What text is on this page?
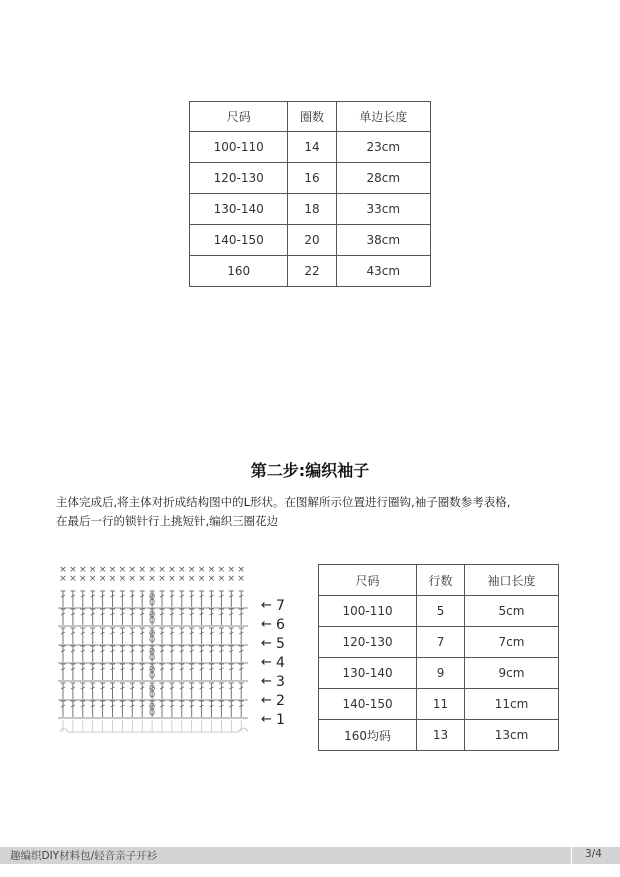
尺码	圈数	单边长度
100-110	14	23cm
120-130	16	28cm
130-140	18	33cm
140-150	20	38cm
160	22	43cm
第二步:编织袖子
主体完成后,将主体对折成结构图中的L形状。在图解所示位置进行圈钩,袖子圈数参考表格,
在最后一行的锁针行上挑短针,编织三圈花边
× × × × × × × × × × × × × × × × × × ×
× × × × × × × × × × × × × × × × × × ×
← 7
← 6
← 5
← 4
← 3
← 2
← 1
尺码	行数	袖口长度
100-110	5	5cm
120-130	7	7cm
130-140	9	9cm
140-150	11	11cm
160均码	13	13cm
趣编织DIY材料包/轻音亲子开衫	3/4
